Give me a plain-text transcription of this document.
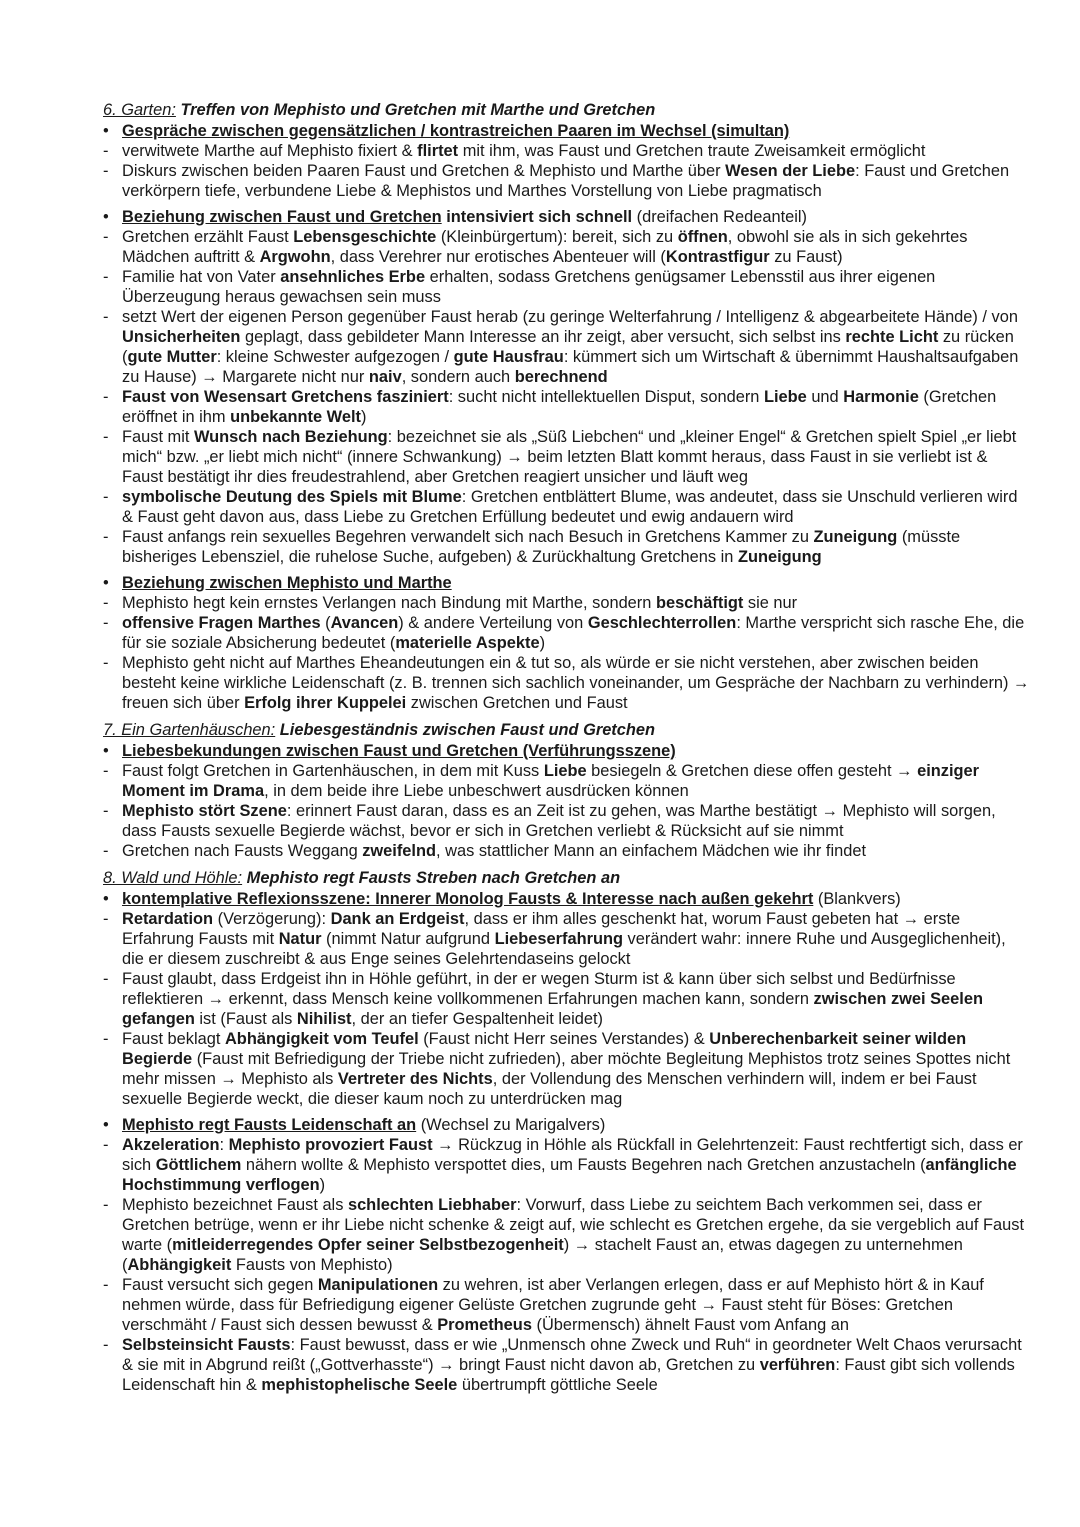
6. Garten: Treffen von Mephisto und Gretchen mit Marthe und Gretchen
• Gespräche zwischen gegensätzlichen / kontrastreichen Paaren im Wechsel (simultan)
- verwitwete Marthe auf Mephisto fixiert & flirtet mit ihm, was Faust und Gretchen traute Zweisamkeit ermöglicht
- Diskurs zwischen beiden Paaren Faust und Gretchen & Mephisto und Marthe über Wesen der Liebe: Faust und Gretchen verkörpern tiefe, verbundene Liebe & Mephistos und Marthes Vorstellung von Liebe pragmatisch
• Beziehung zwischen Faust und Gretchen intensiviert sich schnell (dreifachen Redeanteil)
- Gretchen erzählt Faust Lebensgeschichte (Kleinbürgertum): bereit, sich zu öffnen, obwohl sie als in sich gekehrtes Mädchen auftritt & Argwohn, dass Verehrer nur erotisches Abenteuer will (Kontrastfigur zu Faust)
- Familie hat von Vater ansehnliches Erbe erhalten, sodass Gretchens genügsamer Lebensstil aus ihrer eigenen Überzeugung heraus gewachsen sein muss
- setzt Wert der eigenen Person gegenüber Faust herab (zu geringe Welterfahrung / Intelligenz & abgearbeitete Hände) / von Unsicherheiten geplagt, dass gebildeter Mann Interesse an ihr zeigt, aber versucht, sich selbst ins rechte Licht zu rücken (gute Mutter: kleine Schwester aufgezogen / gute Hausfrau: kümmert sich um Wirtschaft & übernimmt Haushaltsaufgaben zu Hause) → Margarete nicht nur naiv, sondern auch berechnend
- Faust von Wesensart Gretchens fasziniert: sucht nicht intellektuellen Disput, sondern Liebe und Harmonie (Gretchen eröffnet in ihm unbekannte Welt)
- Faust mit Wunsch nach Beziehung: bezeichnet sie als „Süß Liebchen“ und „kleiner Engel“ & Gretchen spielt Spiel „er liebt mich“ bzw. „er liebt mich nicht“ (innere Schwankung) → beim letzten Blatt kommt heraus, dass Faust in sie verliebt ist & Faust bestätigt ihr dies freudestrahlend, aber Gretchen reagiert unsicher und läuft weg
- symbolische Deutung des Spiels mit Blume: Gretchen entblättert Blume, was andeutet, dass sie Unschuld verlieren wird & Faust geht davon aus, dass Liebe zu Gretchen Erfüllung bedeutet und ewig andauern wird
- Faust anfangs rein sexuelles Begehren verwandelt sich nach Besuch in Gretchens Kammer zu Zuneigung (müsste bisheriges Lebensziel, die ruhelose Suche, aufgeben) & Zurückhaltung Gretchens in Zuneigung
• Beziehung zwischen Mephisto und Marthe
- Mephisto hegt kein ernstes Verlangen nach Bindung mit Marthe, sondern beschäftigt sie nur
- offensive Fragen Marthes (Avancen) & andere Verteilung von Geschlechterrollen: Marthe verspricht sich rasche Ehe, die für sie soziale Absicherung bedeutet (materielle Aspekte)
- Mephisto geht nicht auf Marthes Eheandeutungen ein & tut so, als würde er sie nicht verstehen, aber zwischen beiden besteht keine wirkliche Leidenschaft (z. B. trennen sich sachlich voneinander, um Gespräche der Nachbarn zu verhindern) → freuen sich über Erfolg ihrer Kuppelei zwischen Gretchen und Faust
7. Ein Gartenhäuschen: Liebesgeständnis zwischen Faust und Gretchen
• Liebesbekundungen zwischen Faust und Gretchen (Verführungsszene)
- Faust folgt Gretchen in Gartenhäuschen, in dem mit Kuss Liebe besiegeln & Gretchen diese offen gesteht → einziger Moment im Drama, in dem beide ihre Liebe unbeschwert ausdrücken können
- Mephisto stört Szene: erinnert Faust daran, dass es an Zeit ist zu gehen, was Marthe bestätigt → Mephisto will sorgen, dass Fausts sexuelle Begierde wächst, bevor er sich in Gretchen verliebt & Rücksicht auf sie nimmt
- Gretchen nach Fausts Weggang zweifelnd, was stattlicher Mann an einfachem Mädchen wie ihr findet
8. Wald und Höhle: Mephisto regt Fausts Streben nach Gretchen an
• kontemplative Reflexionsszene: Innerer Monolog Fausts & Interesse nach außen gekehrt (Blankvers)
- Retardation (Verzögerung): Dank an Erdgeist, dass er ihm alles geschenkt hat, worum Faust gebeten hat → erste Erfahrung Fausts mit Natur (nimmt Natur aufgrund Liebeserfahrung verändert wahr: innere Ruhe und Ausgeglichenheit), die er diesem zuschreibt & aus Enge seines Gelehrtendaseins gelockt
- Faust glaubt, dass Erdgeist ihn in Höhle geführt, in der er wegen Sturm ist & kann über sich selbst und Bedürfnisse reflektieren → erkennt, dass Mensch keine vollkommenen Erfahrungen machen kann, sondern zwischen zwei Seelen gefangen ist (Faust als Nihilist, der an tiefer Gespaltenheit leidet)
- Faust beklagt Abhängigkeit vom Teufel (Faust nicht Herr seines Verstandes) & Unberechenbarkeit seiner wilden Begierde (Faust mit Befriedigung der Triebe nicht zufrieden), aber möchte Begleitung Mephistos trotz seines Spottes nicht mehr missen → Mephisto als Vertreter des Nichts, der Vollendung des Menschen verhindern will, indem er bei Faust sexuelle Begierde weckt, die dieser kaum noch zu unterdrücken mag
• Mephisto regt Fausts Leidenschaft an (Wechsel zu Marigalvers)
- Akzeleration: Mephisto provoziert Faust → Rückzug in Höhle als Rückfall in Gelehrtenzeit: Faust rechtfertigt sich, dass er sich Göttlichem nähern wollte & Mephisto verspottet dies, um Fausts Begehren nach Gretchen anzustacheln (anfängliche Hochstimmung verflogen)
- Mephisto bezeichnet Faust als schlechten Liebhaber: Vorwurf, dass Liebe zu seichtem Bach verkommen sei, dass er Gretchen betrüge, wenn er ihr Liebe nicht schenke & zeigt auf, wie schlecht es Gretchen ergehe, da sie vergeblich auf Faust warte (mitleiderregendes Opfer seiner Selbstbezogenheit) → stachelt Faust an, etwas dagegen zu unternehmen (Abhängigkeit Fausts von Mephisto)
- Faust versucht sich gegen Manipulationen zu wehren, ist aber Verlangen erlegen, dass er auf Mephisto hört & in Kauf nehmen würde, dass für Befriedigung eigener Gelüste Gretchen zugrunde geht → Faust steht für Böses: Gretchen verschmäht / Faust sich dessen bewusst & Prometheus (Übermensch) ähnelt Faust vom Anfang an
- Selbsteinsicht Fausts: Faust bewusst, dass er wie „Unmensch ohne Zweck und Ruh“ in geordneter Welt Chaos verursacht & sie mit in Abgrund reißt („Gottverhasste“) → bringt Faust nicht davon ab, Gretchen zu verführen: Faust gibt sich vollends Leidenschaft hin & mephistophelische Seele übertrumpft göttliche Seele
